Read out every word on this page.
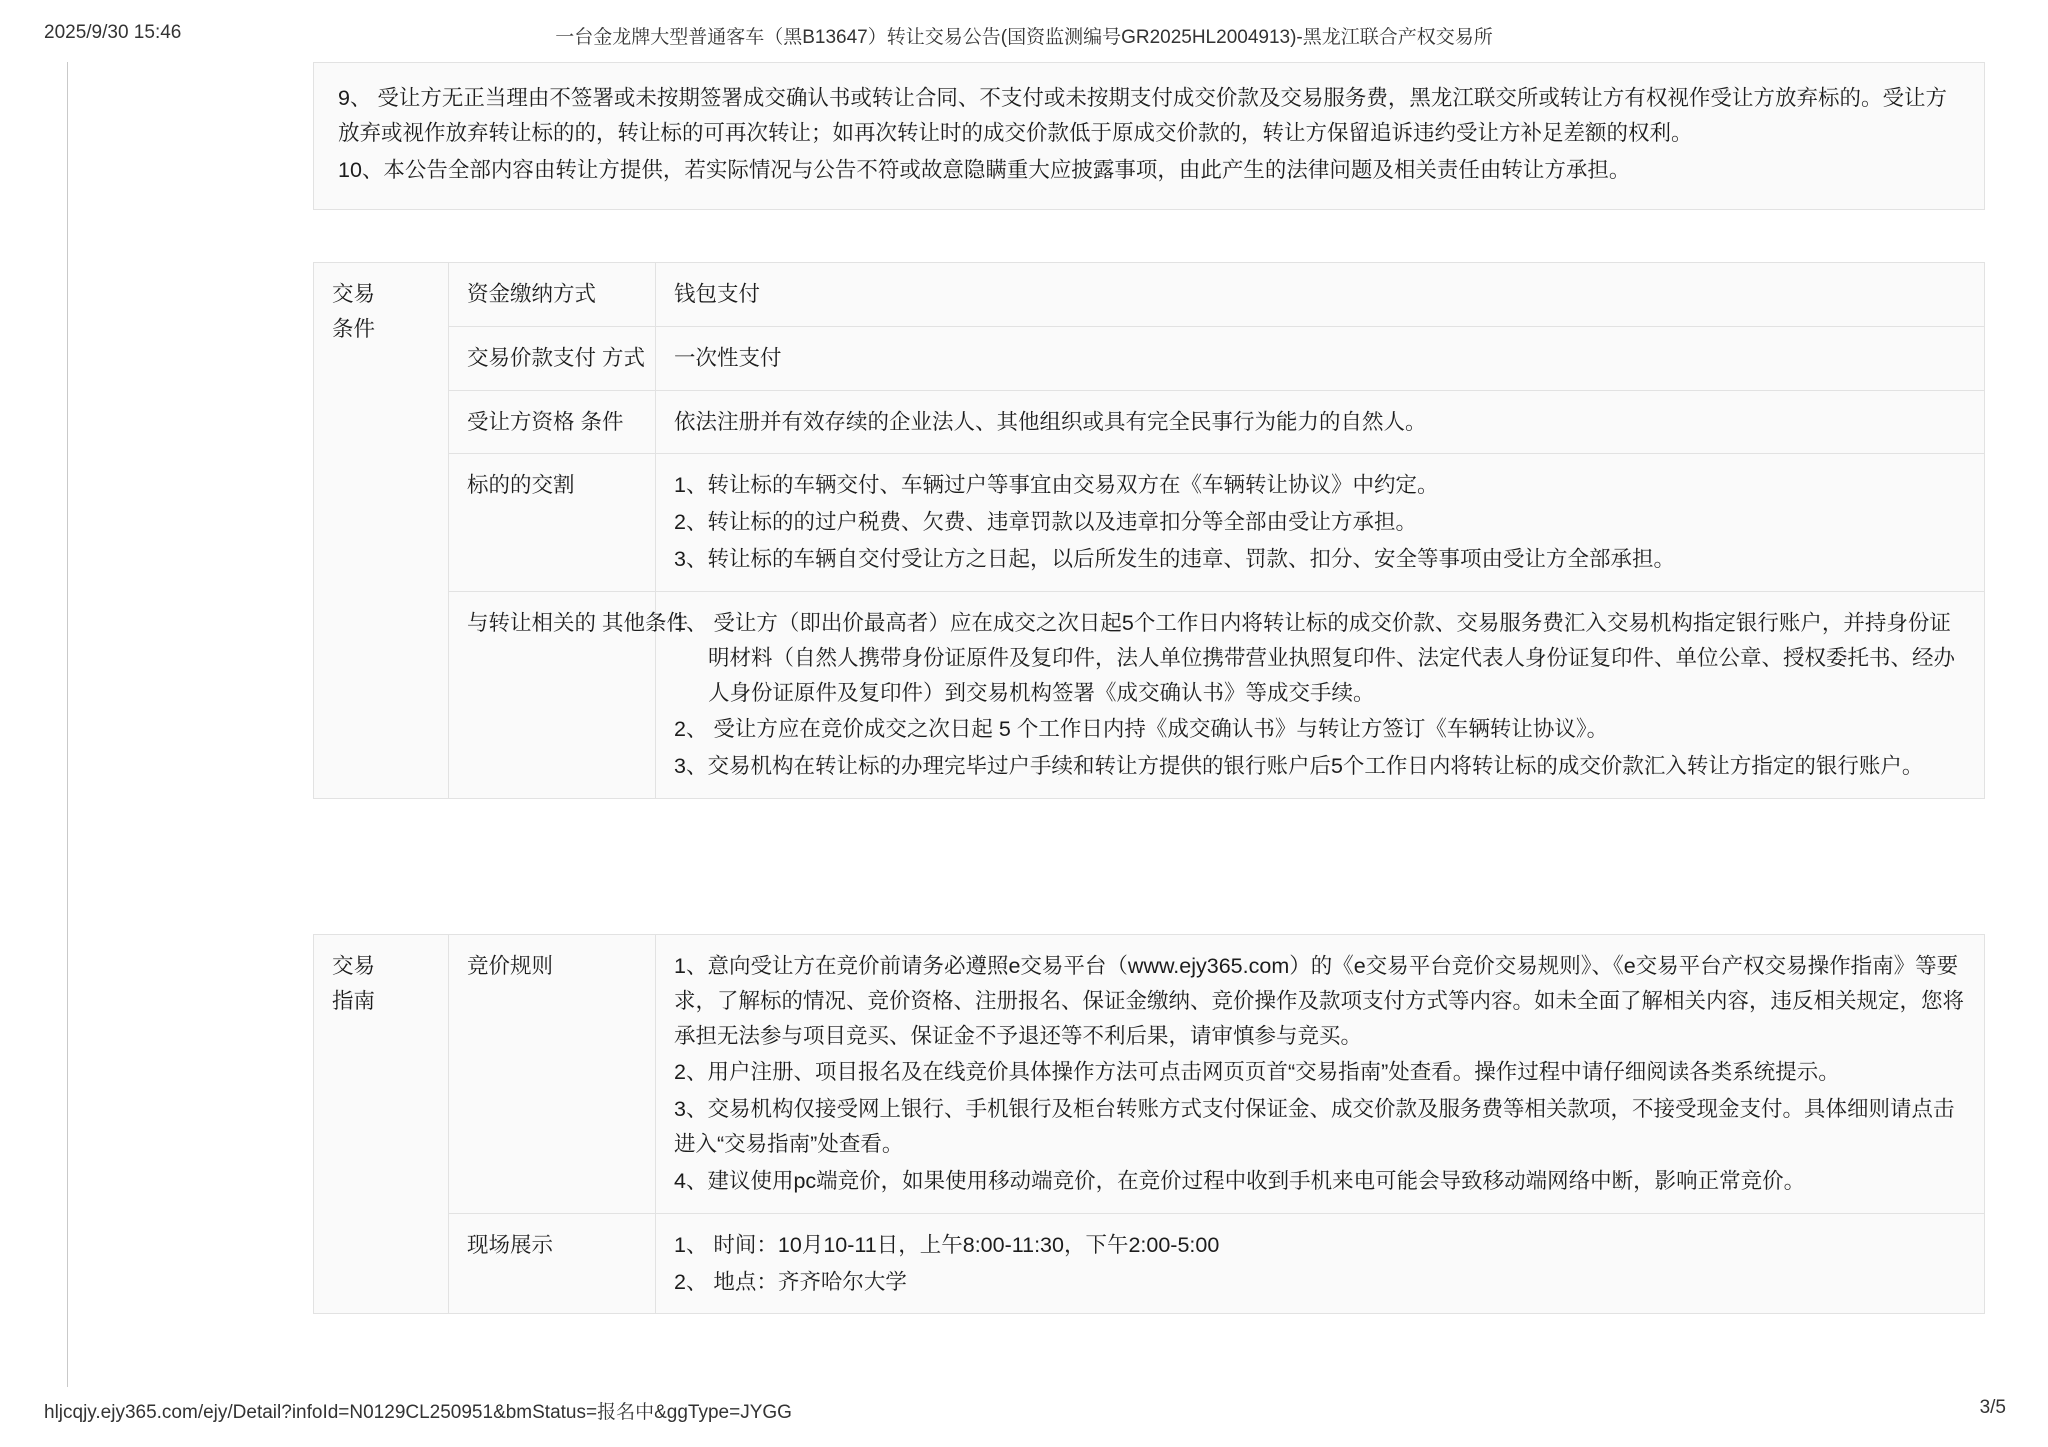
2025/9/30 15:46	一台金龙牌大型普通客车（黑B13647）转让交易公告(国资监测编号GR2025HL2004913)-黑龙江联合产权交易所

9、 受让方无正当理由不签署或未按期签署成交确认书或转让合同、不支付或未按期支付成交价款及交易服务费，黑龙江联交所或转让方有权视作受让方放弃标的。受让方放弃或视作放弃转让标的的，转让标的可再次转让；如再次转让时的成交价款低于原成交价款的，转让方保留追诉违约受让方补足差额的权利。

10、本公告全部内容由转让方提供，若实际情况与公告不符或故意隐瞒重大应披露事项，由此产生的法律问题及相关责任由转让方承担。

交易
条件	资金缴纳方式	钱包支付

	交易价款支付 方式	一次性支付

	受让方资格 条件	依法注册并有效存续的企业法人、其他组织或具有完全民事行为能力的自然人。

	标的的交割	1、转让标的车辆交付、车辆过户等事宜由交易双方在《车辆转让协议》中约定。

2、转让标的的过户税费、欠费、违章罚款以及违章扣分等全部由受让方承担。

3、转让标的车辆自交付受让方之日起，以后所发生的违章、罚款、扣分、安全等事项由受让方全部承担。

	与转让相关的 其他条件	1、 受让方（即出价最高者）应在成交之次日起5个工作日内将转让标的成交价款、交易服务费汇入交易机构指定银行账户，并持身份证明材料（自然人携带身份证原件及复印件，法人单位携带营业执照复印件、法定代表人身份证复印件、单位公章、授权委托书、经办人身份证原件及复印件）到交易机构签署《成交确认书》等成交手续。

2、 受让方应在竞价成交之次日起 5 个工作日内持《成交确认书》与转让方签订《车辆转让协议》。

3、交易机构在转让标的办理完毕过户手续和转让方提供的银行账户后5个工作日内将转让标的成交价款汇入转让方指定的银行账户。

交易
指南
	竞价规则	1、意向受让方在竞价前请务必遵照e交易平台（www.ejy365.com）的《e交易平台竞价交易规则》、《e交易平台产权交易操作指南》等要求，了解标的情况、竞价资格、注册报名、保证金缴纳、竞价操作及款项支付方式等内容。如未全面了解相关内容，违反相关规定，您将承担无法参与项目竞买、保证金不予退还等不利后果，请审慎参与竞买。

2、用户注册、项目报名及在线竞价具体操作方法可点击网页页首“交易指南”处查看。操作过程中请仔细阅读各类系统提示。

3、交易机构仅接受网上银行、手机银行及柜台转账方式支付保证金、成交价款及服务费等相关款项，不接受现金支付。具体细则请点击进入“交易指南”处查看。

4、建议使用pc端竞价，如果使用移动端竞价，在竞价过程中收到手机来电可能会导致移动端网络中断，影响正常竞价。

	现场展示	1、 时间：10月10-11日，上午8:00-11:30，下午2:00-5:00

2、 地点：齐齐哈尔大学

hljcqjy.ejy365.com/ejy/Detail?infoId=N0129CL250951&bmStatus=报名中&ggType=JYGG	3/5
